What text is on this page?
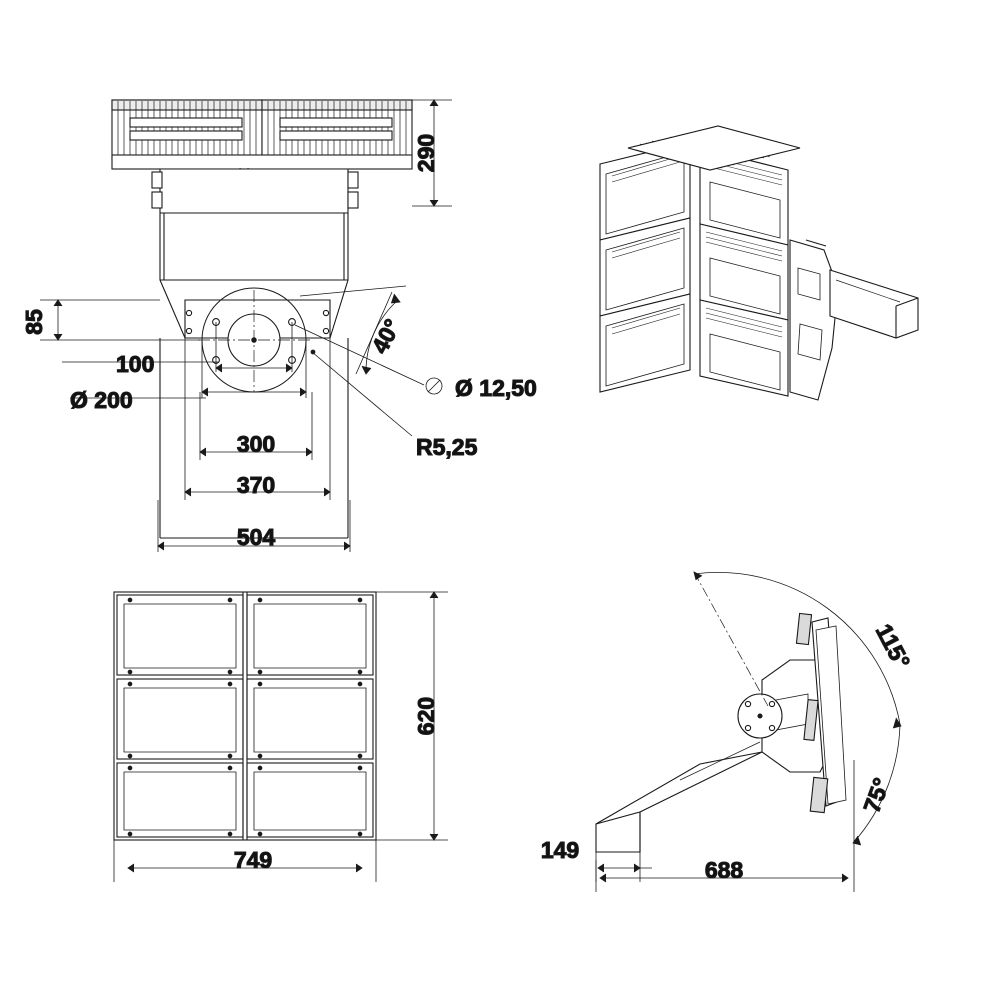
290
85
100
Ø 200
300
370
504
40°
Ø 12,50
R5,25
620
749
115°
75°
149
688
